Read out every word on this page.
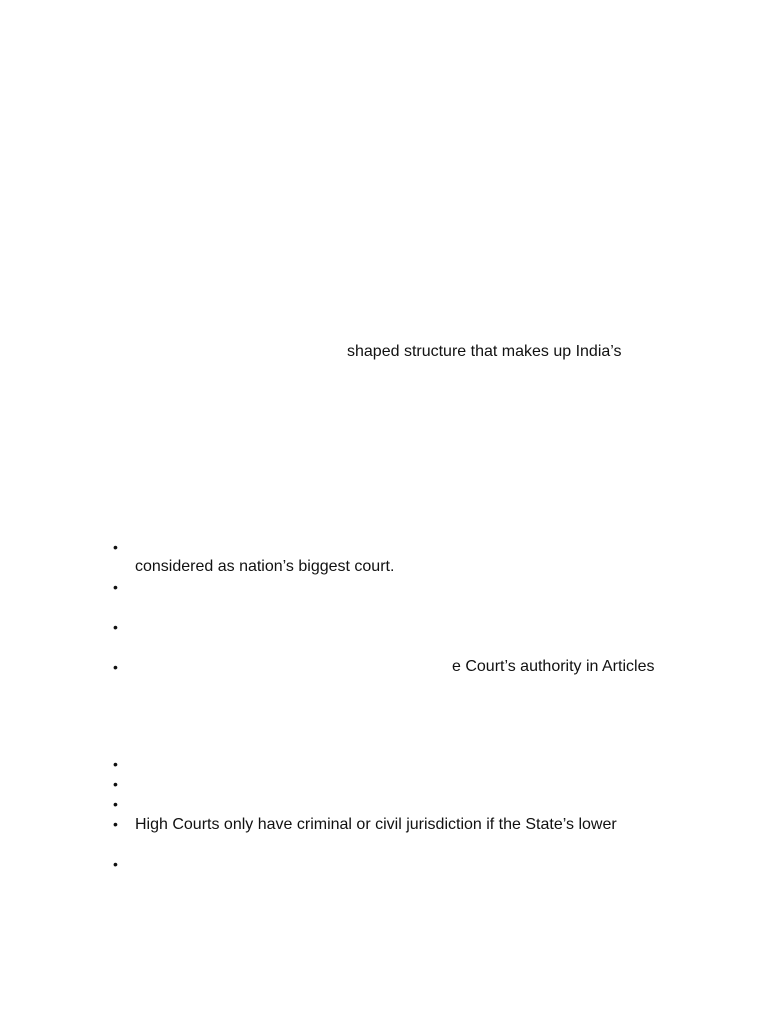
shaped structure that makes up India’s
•
considered as nation’s biggest court.
•
•
•	e Court’s authority in Articles
•
•
•
• High Courts only have criminal or civil jurisdiction if the State’s lower
•
